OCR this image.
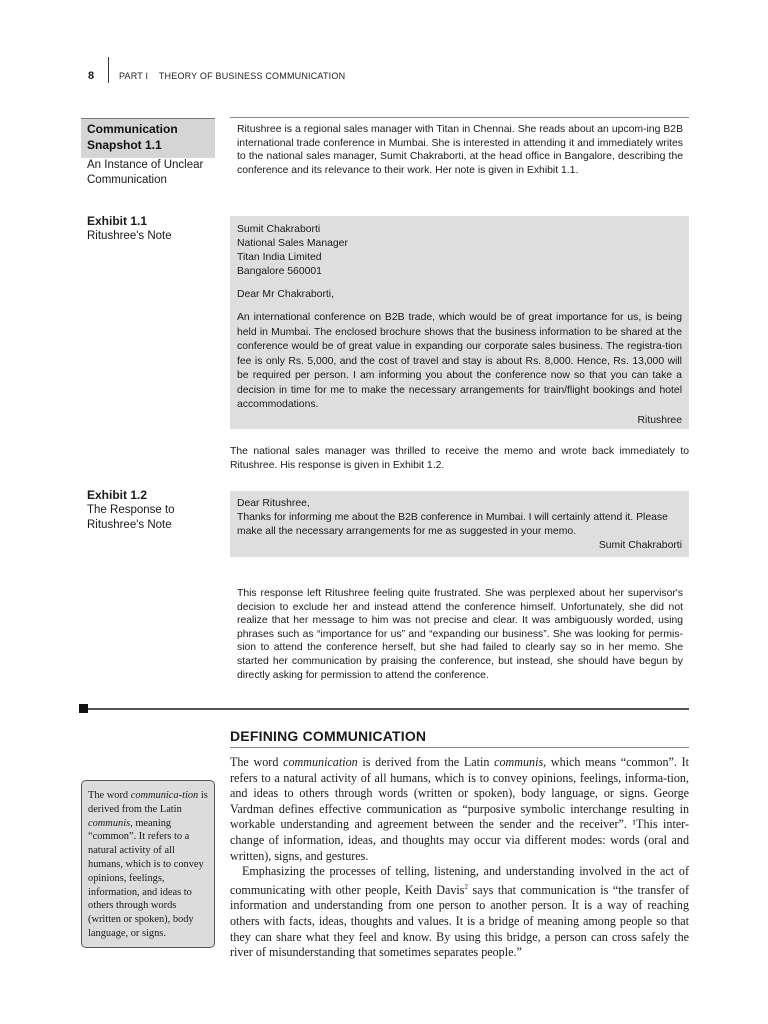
8	PART I    THEORY OF BUSINESS COMMUNICATION
Communication Snapshot 1.1
An Instance of Unclear Communication
Ritushree is a regional sales manager with Titan in Chennai. She reads about an upcom-ing B2B international trade conference in Mumbai. She is interested in attending it and immediately writes to the national sales manager, Sumit Chakraborti, at the head office in Bangalore, describing the conference and its relevance to their work. Her note is given in Exhibit 1.1.
Exhibit 1.1
Ritushree's Note

Sumit Chakraborti

National Sales Manager

Titan India Limited

Bangalore 560001

Dear Mr Chakraborti,

An international conference on B2B trade, which would be of great importance for us, is being held in Mumbai. The enclosed brochure shows that the business information to be shared at the conference would be of great value in expanding our corporate sales business. The registra-tion fee is only Rs. 5,000, and the cost of travel and stay is about Rs. 8,000. Hence, Rs. 13,000 will be required per person. I am informing you about the conference now so that you can take a decision in time for me to make the necessary arrangements for train/flight bookings and hotel accommodations.

Ritushree

The national sales manager was thrilled to receive the memo and wrote back immediately to Ritushree. His response is given in Exhibit 1.2.
Exhibit 1.2
The Response to Ritushree's Note

Dear Ritushree,

Thanks for informing me about the B2B conference in Mumbai. I will certainly attend it. Please make all the necessary arrangements for me as suggested in your memo.

Sumit Chakraborti

This response left Ritushree feeling quite frustrated. She was perplexed about her supervisor's decision to exclude her and instead attend the conference himself. Unfortunately, she did not realize that her message to him was not precise and clear. It was ambiguously worded, using phrases such as “importance for us” and “expanding our business”. She was looking for permis-sion to attend the conference herself, but she had failed to clearly say so in her memo. She started her communication by praising the conference, but instead, she should have begun by directly asking for permission to attend the conference.
DEFINING COMMUNICATION

The word communication is derived from the Latin communis, which means “common”. It refers to a natural activity of all humans, which is to convey opinions, feelings, informa-tion, and ideas to others through words (written or spoken), body language, or signs. George Vardman defines effective communication as “purposive symbolic interchange resulting in workable understanding and agreement between the sender and the receiver”. ¹This inter-change of information, ideas, and thoughts may occur via different modes: words (oral and written), signs, and gestures.

Emphasizing the processes of telling, listening, and understanding involved in the act of communicating with other people, Keith Davis$^2$ says that communication is “the transfer of information and understanding from one person to another person. It is a way of reaching others with facts, ideas, thoughts and values. It is a bridge of meaning among people so that they can share what they feel and know. By using this bridge, a person can cross safely the river of misunderstanding that sometimes separates people.”

The word communica-tion is derived from the Latin communis, meaning “common”. It refers to a natural activity of all humans, which is to convey opinions, feelings, information, and ideas to others through words (written or spoken), body language, or signs.
